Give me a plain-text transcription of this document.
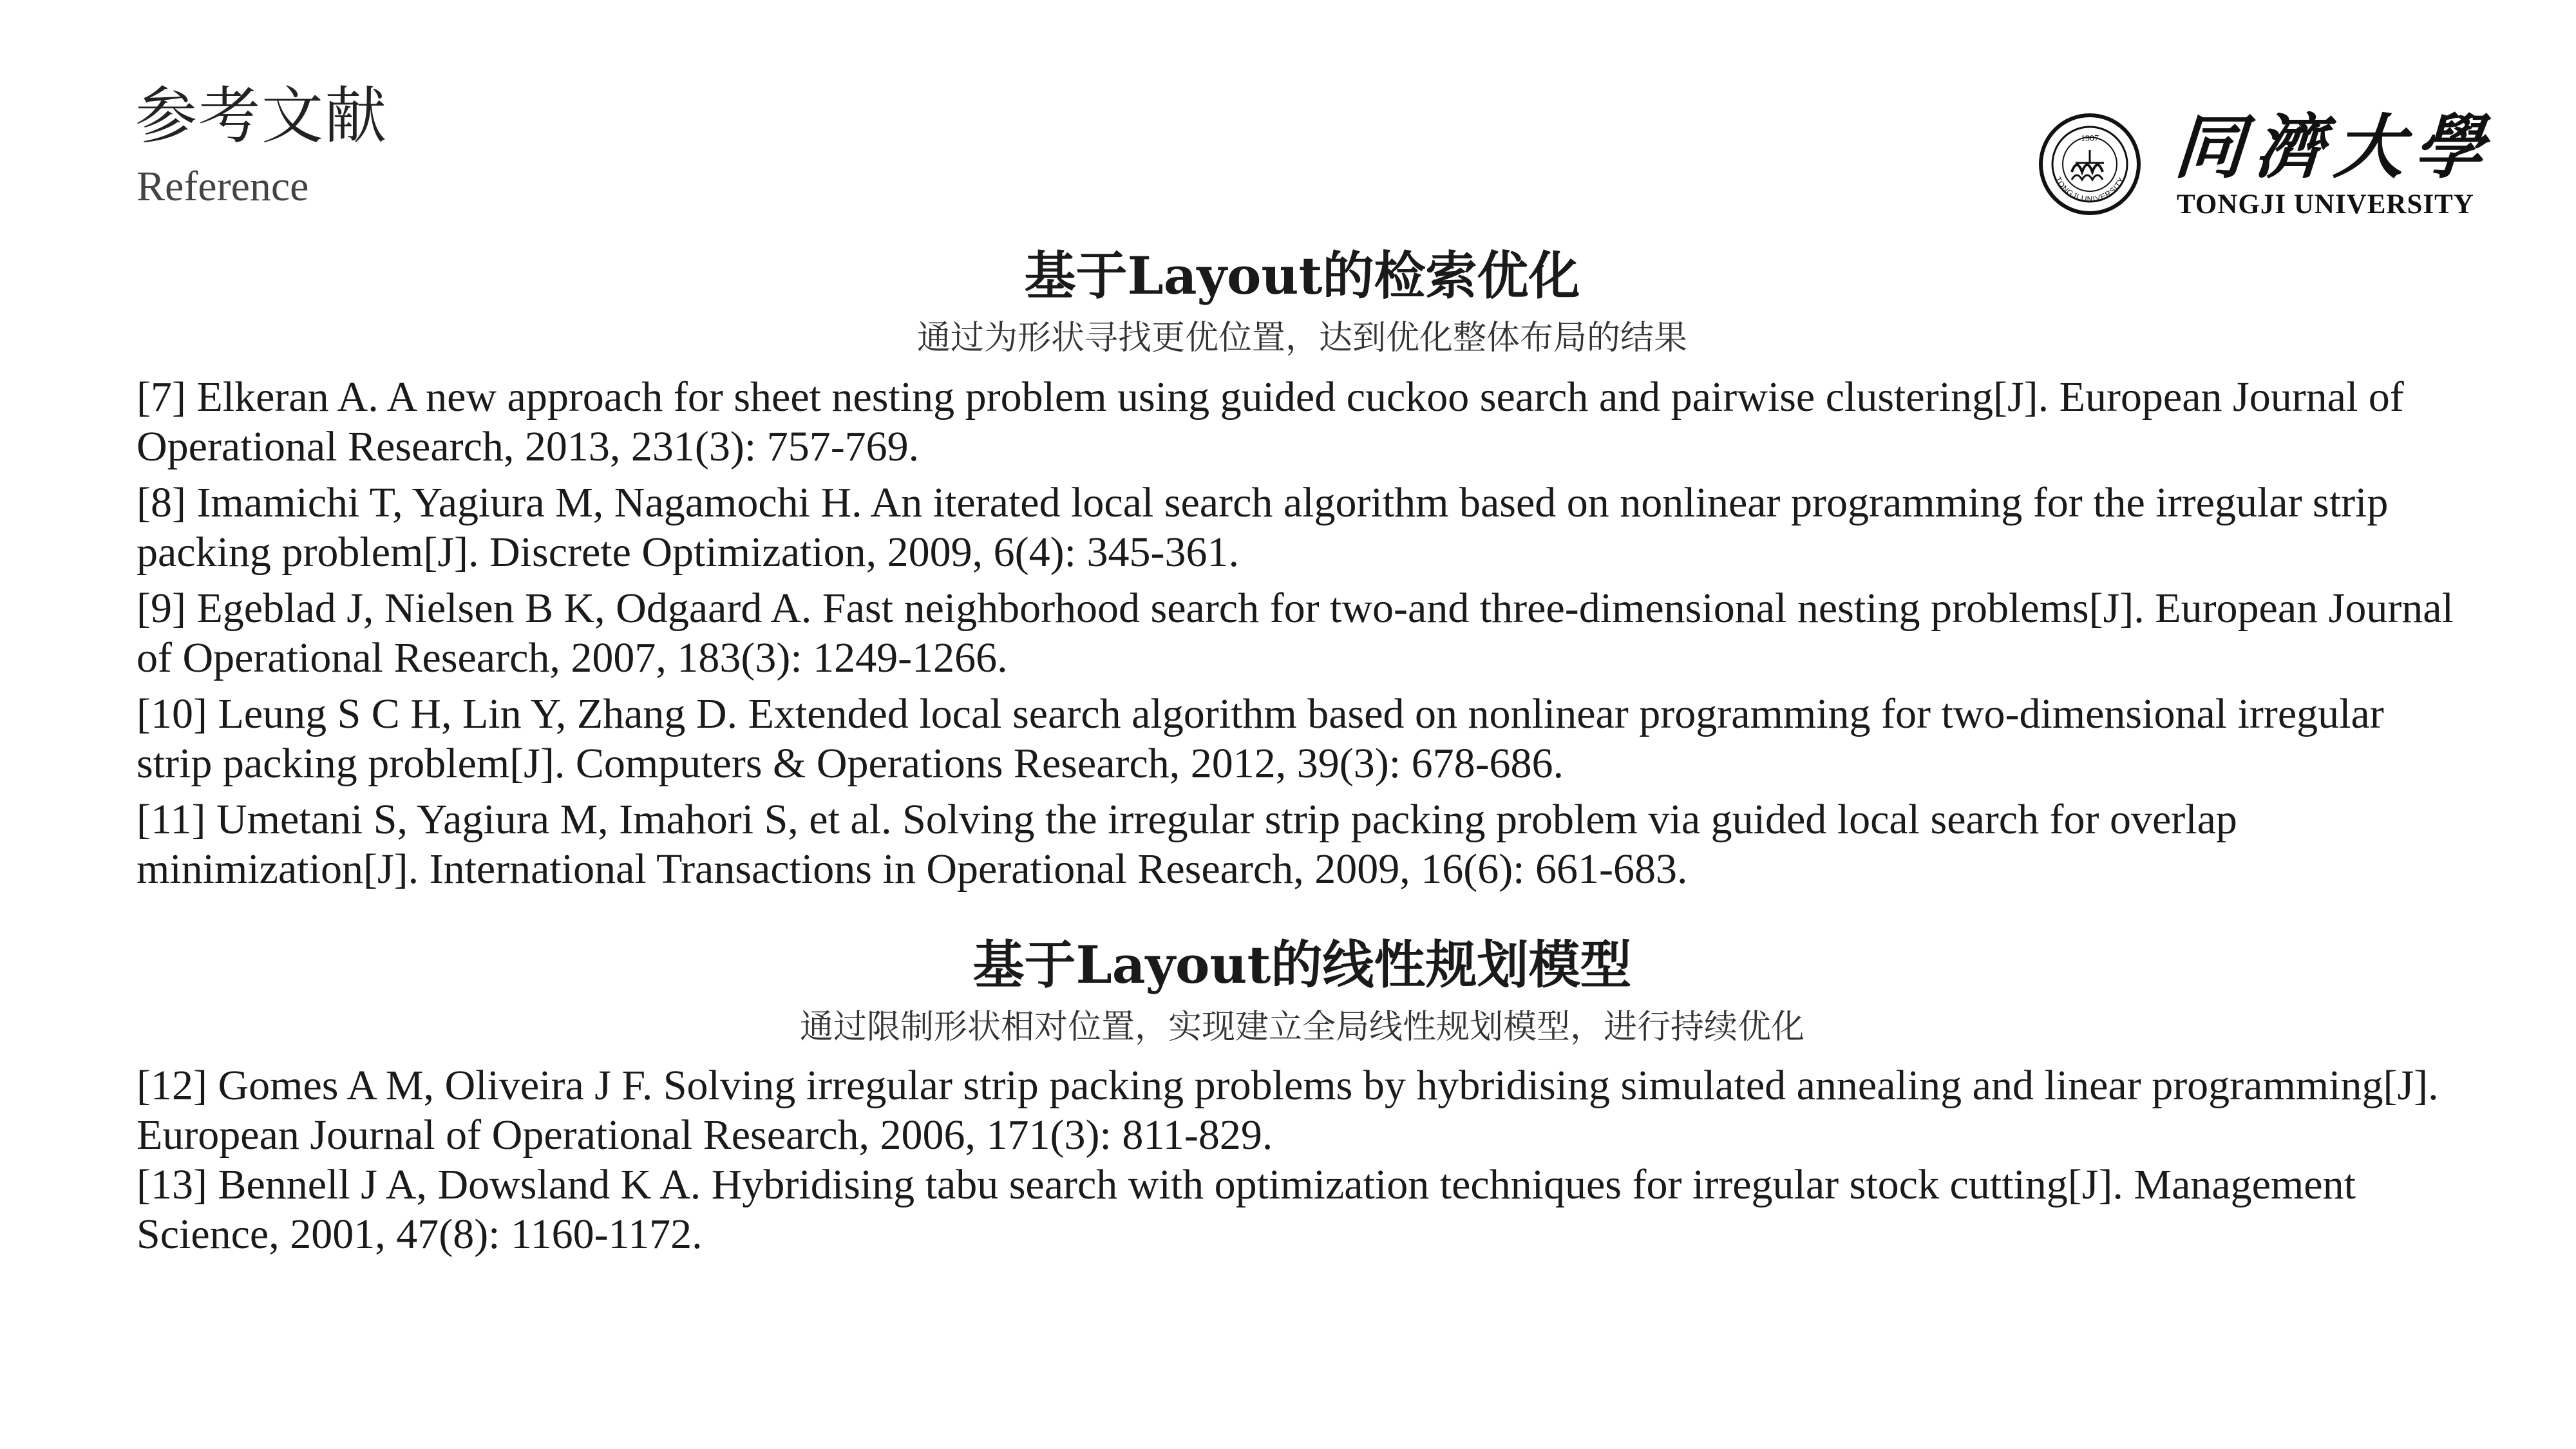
参考文献
Reference
1907
TONGJI UNIVERSITY 同濟大學
TONGJI UNIVERSITY
基于Layout的检索优化
通过为形状寻找更优位置，达到优化整体布局的结果
[7] Elkeran A. A new approach for sheet nesting problem using guided cuckoo search and pairwise clustering[J]. European Journal of Operational Research, 2013, 231(3): 757-769.
[8] Imamichi T, Yagiura M, Nagamochi H. An iterated local search algorithm based on nonlinear programming for the irregular strip packing problem[J]. Discrete Optimization, 2009, 6(4): 345-361.
[9] Egeblad J, Nielsen B K, Odgaard A. Fast neighborhood search for two-and three-dimensional nesting problems[J]. European Journal of Operational Research, 2007, 183(3): 1249-1266.
[10] Leung S C H, Lin Y, Zhang D. Extended local search algorithm based on nonlinear programming for two-dimensional irregular strip packing problem[J]. Computers & Operations Research, 2012, 39(3): 678-686.
[11] Umetani S, Yagiura M, Imahori S, et al. Solving the irregular strip packing problem via guided local search for overlap minimization[J]. International Transactions in Operational Research, 2009, 16(6): 661-683.
基于Layout的线性规划模型
通过限制形状相对位置，实现建立全局线性规划模型，进行持续优化
[12] Gomes A M, Oliveira J F. Solving irregular strip packing problems by hybridising simulated annealing and linear programming[J]. European Journal of Operational Research, 2006, 171(3): 811-829.
[13] Bennell J A, Dowsland K A. Hybridising tabu search with optimization techniques for irregular stock cutting[J]. Management Science, 2001, 47(8): 1160-1172.
